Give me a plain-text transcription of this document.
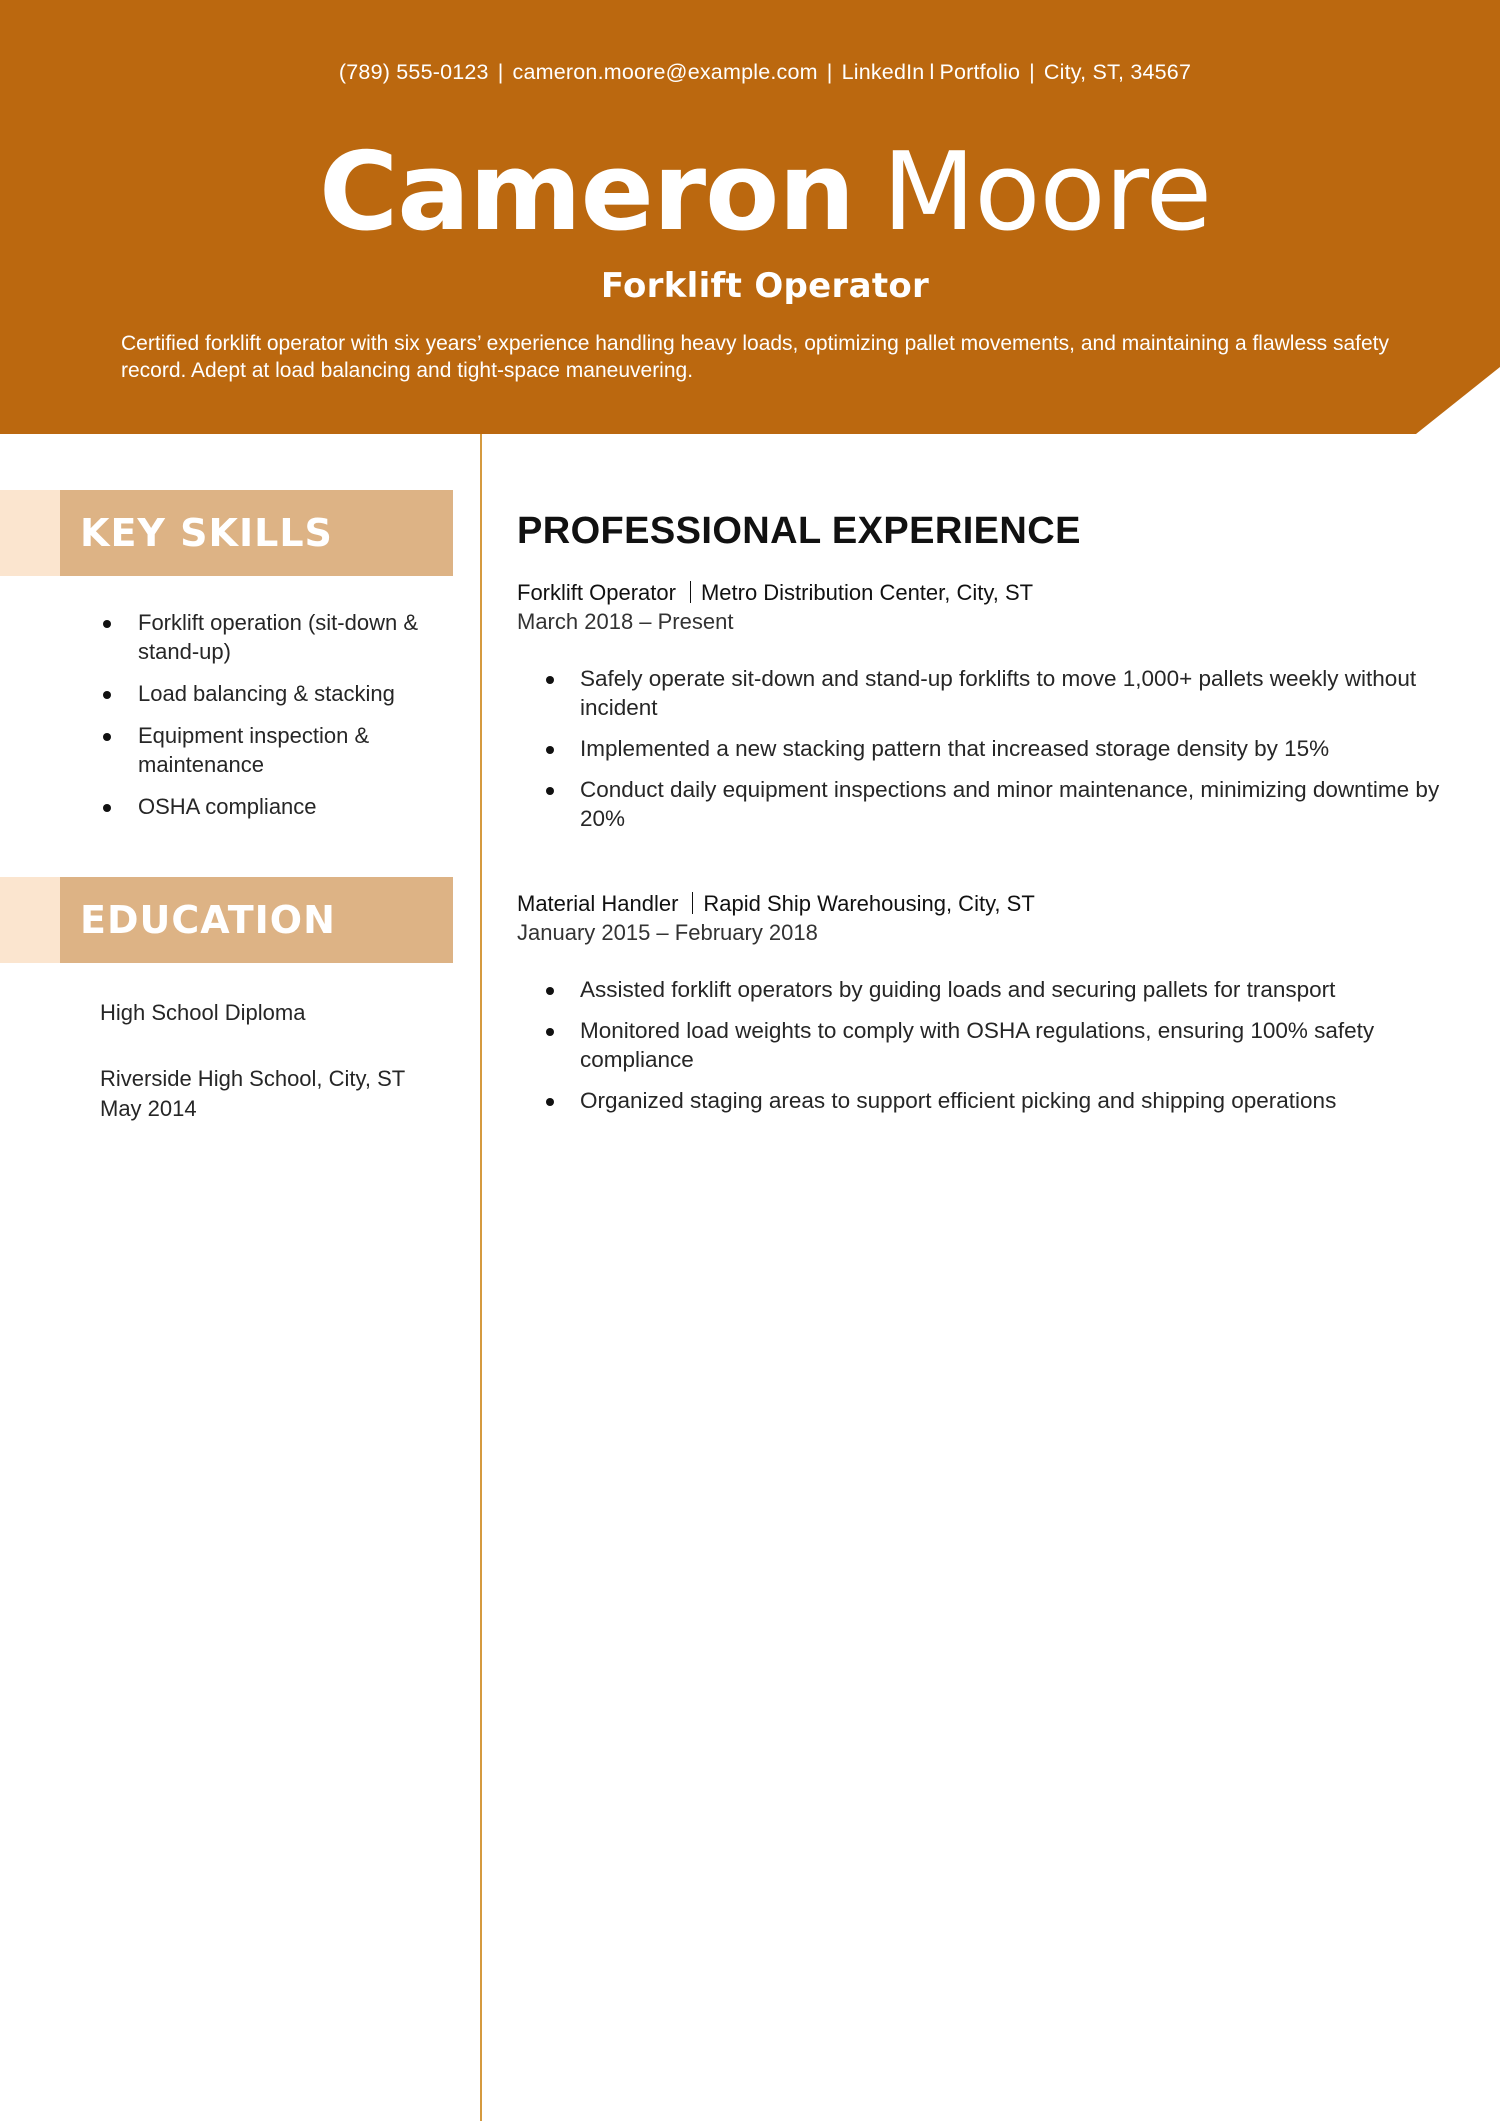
(789) 555-0123 | cameron.moore@example.com | LinkedIn l Portfolio | City, ST, 34567
Cameron Moore
Forklift Operator
Certified forklift operator with six years’ experience handling heavy loads, optimizing pallet movements, and maintaining a flawless safety record. Adept at load balancing and tight-space maneuvering.
KEY SKILLS
Forklift operation (sit-down & stand-up)
Load balancing & stacking
Equipment inspection & maintenance
OSHA compliance
EDUCATION
High School Diploma
Riverside High School, City, ST
May 2014
PROFESSIONAL EXPERIENCE
Forklift Operator Metro Distribution Center, City, ST
March 2018 – Present
Safely operate sit-down and stand-up forklifts to move 1,000+ pallets weekly without incident
Implemented a new stacking pattern that increased storage density by 15%
Conduct daily equipment inspections and minor maintenance, minimizing downtime by 20%
Material Handler Rapid Ship Warehousing, City, ST
January 2015 – February 2018
Assisted forklift operators by guiding loads and securing pallets for transport
Monitored load weights to comply with OSHA regulations, ensuring 100% safety compliance
Organized staging areas to support efficient picking and shipping operations
